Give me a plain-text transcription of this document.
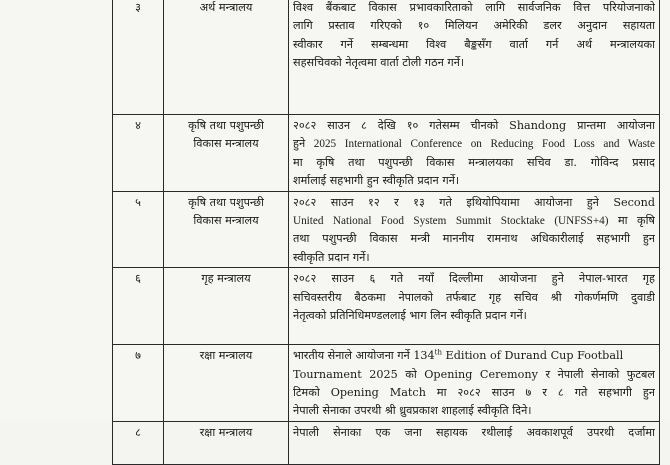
३	अर्थ मन्त्रालय	विश्व बैंकबाट विकास प्रभावकारिताको लागि सार्वजनिक वित्त परियोजनाको
लागि प्रस्ताव गरिएको १० मिलियन अमेरिकी डलर अनुदान सहायता
स्वीकार गर्ने सम्बन्धमा विश्व बैङ्कसँग वार्ता गर्न अर्थ मन्त्रालयका
सहसचिवको नेतृत्वमा वार्ता टोली गठन गर्ने।

४	कृषि तथा पशुपन्छी
विकास मन्त्रालय	२०८२ साउन ८ देखि १० गतेसम्म चीनको Shandong प्रान्तमा आयोजना
हुने 2025 International Conference on Reducing Food Loss and Waste
मा कृषि तथा पशुपन्छी विकास मन्त्रालयका सचिव डा. गोविन्द प्रसाद
शर्मालाई सहभागी हुन स्वीकृति प्रदान गर्ने।

५	कृषि तथा पशुपन्छी
विकास मन्त्रालय	२०८२ साउन १२ र १३ गते इथियोपियामा आयोजना हुने Second
United National Food System Summit Stocktake (UNFSS+4) मा कृषि
तथा पशुपन्छी विकास मन्त्री माननीय रामनाथ अधिकारीलाई सहभागी हुन
स्वीकृति प्रदान गर्ने।

६	गृह मन्त्रालय	२०८२ साउन ६ गते नयाँ दिल्लीमा आयोजना हुने नेपाल-भारत गृह
सचिवस्तरीय बैठकमा नेपालको तर्फबाट गृह सचिव श्री गोकर्णमणि दुवाडी
नेतृत्वको प्रतिनिधिमण्डललाई भाग लिन स्वीकृति प्रदान गर्ने।

७	रक्षा मन्त्रालय	भारतीय सेनाले आयोजना गर्ने 134th Edition of Durand Cup Football
Tournament 2025 को Opening Ceremony र नेपाली सेनाको फुटबल
टिमको Opening Match मा २०८२ साउन ७ र ८ गते सहभागी हुन
नेपाली सेनाका उपरथी श्री ध्रुवप्रकाश शाहलाई स्वीकृति दिने।

८	रक्षा मन्त्रालय	नेपाली सेनाका एक जना सहायक रथीलाई अवकाशपूर्व उपरथी दर्जामा
